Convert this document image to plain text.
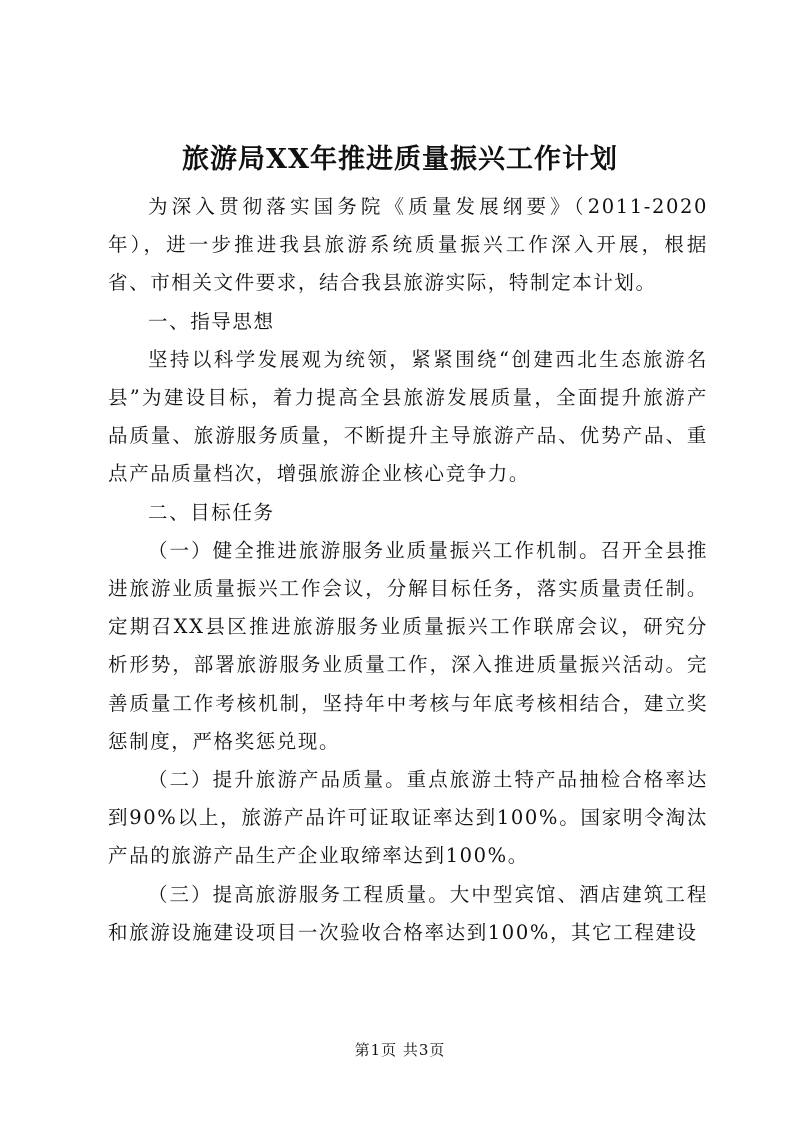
旅游局XX年推进质量振兴工作计划

为深入贯彻落实国务院《质量发展纲要》（2011-2020年），进一步推进我县旅游系统质量振兴工作深入开展，根据省、市相关文件要求，结合我县旅游实际，特制定本计划。

一、指导思想

坚持以科学发展观为统领，紧紧围绕“创建西北生态旅游名县”为建设目标，着力提高全县旅游发展质量，全面提升旅游产品质量、旅游服务质量，不断提升主导旅游产品、优势产品、重点产品质量档次，增强旅游企业核心竞争力。

二、目标任务

（一）健全推进旅游服务业质量振兴工作机制。召开全县推进旅游业质量振兴工作会议，分解目标任务，落实质量责任制。定期召XX县区推进旅游服务业质量振兴工作联席会议，研究分析形势，部署旅游服务业质量工作，深入推进质量振兴活动。完善质量工作考核机制，坚持年中考核与年底考核相结合，建立奖惩制度，严格奖惩兑现。

（二）提升旅游产品质量。重点旅游土特产品抽检合格率达到90%以上，旅游产品许可证取证率达到100%。国家明令淘汰产品的旅游产品生产企业取缔率达到100%。

（三）提高旅游服务工程质量。大中型宾馆、酒店建筑工程和旅游设施建设项目一次验收合格率达到100%，其它工程建设

第1页 共3页
